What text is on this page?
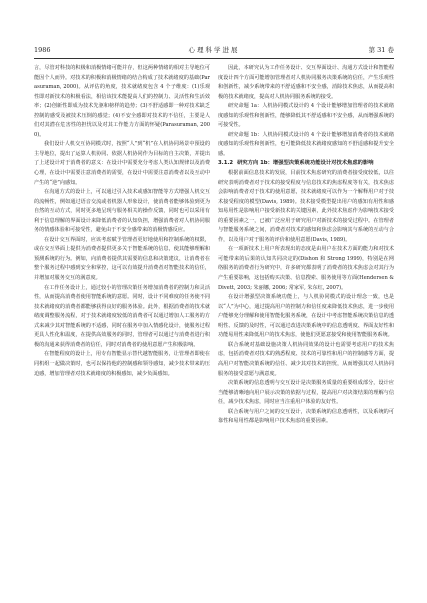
1986	心理科学进展	第 31 卷

言，尽管对科技的积极和消极情绪可能并存，但这两种情绪的相对主导地位可能因个人而异。对技术的积极和消极情绪的结合构成了技术就绪度的基础(Parasuraman, 2000)。从评估的角度，技术就绪度包含 4 个子维度：(1)乐观性即对新技术的积极看法，相信该技术能提高人们的控制力、灵活性和生活效率；(2)创新性即成为技术先驱和榜样的趋势；(3)不舒适感即一种对技术缺乏控制的感受及被技术压倒的感觉；(4)不安全感即对技术的不信任，主要是人们对其潜在危害性的担忧以及对其工作能力方面的怀疑(Parasuraman, 2000)。

我们设计人机交互协同模式时，按照“人”到“机”在人机协同场景中预设的主导地位，提出了运算人机协同、依据人机协同作为目标的自主决策，并提出了上述设计对于消费者的意义：在设计中需要充分考虑人类认知规律以及消费心理，在设计中需要注意消费者的需要，在设计中需要注意消费者以及互动中产生的“逆”向感知。

在沟通方式的设计上，可以通过引入技术或感知智能等方式增强人机交互的流畅性，例如通过语音交流或者机器人形象设计，使消费者能够体验到更为自然的互动方式，同时更多地呈现与服务相关的操作反馈，同时也可以采用有利于信息理解的界面设计来降低消费者的认知负担，增强消费者对人机协同服务的情感体验和可接受性，避免由于不安全感带来的消极情感反应。

在设计交互界面时，应该考虑赋予管理者更好地使用和控制系统的权限，或在交互界面上提供为消费者提供更多关于智能系统的信息，使其能够理解和预测系统的行为。例如，向消费者提供其需要的信息和决策建议，让消费者在整个服务过程中感到安全和掌控，这可以有效提升消费者对智能技术的信任，并增加对服务交互的满意度。

在工作任务设计上，通过较小的管理决策任务增加消费者的控制力和灵活性，从而提高消费者使用智能系统的意愿。同时，设计不同难度的任务使不同技术就绪度的消费者都能够获得良好的服务体验。此外，根据消费者的技术就绪度调整服务流程，对于技术就绪度较低的消费者可以通过增加人工服务的方式来减少其对智能系统的不适感，同时在服务中加入情感化设计，使服务过程更具人性化和温度，在提供高效服务的同时，管理者可以通过与消费者进行积极的沟通来获得消费者的信任，同时对消费者的使用意愿产生积极影响。

在智能程度的设计上，用专有智能显示替代越智能服务，让管理者即使在同机组一起做决策时，也可以保持他的控制感和领导感知，减少技术带来的压迫感，增加管理者对技术就绪度的积极感知，减少负面感知。

因此，本研究认为工作任务设计、交互界面设计、沟通方式设计和智能程度设计四个方面可能增加管理者对人机协同服务决策系统的信任，产生乐观性和创新性，减少系统带来的不舒适感和不安全感，消除技术焦虑，从而提高积极的技术就绪度，提高对人机协同服务系统的接受。

研究命题 1a：人机协同模式设计的 4 个设计能够增加管理者的技术就绪度感知的乐观性和创新性，能够降低其不舒适感和不安全感，从而增强系统的可接受性。

研究命题 1b：人机协同模式设计的 4 个设计能够增加消费者的技术就绪度感知的乐观性和创新性，也可能降低技术就绪度感知的不舒适感和提升安全感。

3.1.2 研究方向 1b：增强型决策系统功能设计对技术焦虑的影响

根据前面信息技术的发展，目前技术焦虑研究的消费者接受度较低，以往研究表明消费者对于技术的接受程度与信息技术的焦虑程度等有关，技术焦虑会影响消费者对于技术的使用意愿，技术就绪度可以作为一个解释用户对于技术接受程度的模型(Davis, 1989)。技术接受模型提出用户的感知有用性和感知易用性是影响用户接受新技术的关键因素，此外技术焦虑作为影响技术接受的重要因素之一，已被广泛应用于研究用户对新技术的接受过程中。在管理者与智能服务系统之间，消费者对技术的感知和焦虑会影响其与系统的互动与合作，以及用户对于服务的评价和使用意愿(Davis, 1989)。

在一项新技术上用户所表现出的态度是由用户在技术方面的能力和对技术可能带来的后果的认知共同决定的(Dishon 和 Strong 1999)，特别是在网络服务的消费者行为研究中，许多研究都表明了消费者的技术焦虑会对其行为产生重要影响，这包括购买决策、信息搜索、服务使用等方面(Hendersen & Divett, 2003; 朱丽娜, 2006; 常家军, 朱东红, 2007)。

在设计增强型决策系统功能上，与人机协同模式的设计理念一致，也是以“人”为中心，通过提高用户的控制力和信任度来降低技术焦虑，进一步使用户能够充分理解和使用智能化服务系统，在设计中考虑智能系统决策信息的透明性、反馈的及时性，可以通过改进决策系统中的信息透明度、界面友好性和功能易用性来降低用户的技术焦虑，使他们更愿意接受和使用智能服务系统。

联合系统对基础设施决策人机协同效果的设计也需要考虑用户的技术焦虑，包括消费者对技术的熟悉程度、技术的可靠性和用户的控制感等方面，提高用户对智能决策系统的信任、减少其对技术的担忧，从而增强其对人机协同服务的接受意愿与满意度。

决策系统的信息透明与交互设计是决策服务质量的重要组成部分，设计应当能够清晰地向用户展示决策的依据与过程，提高用户对决策结果的理解与信任，减少技术焦虑，同时应当注重用户体验的友好性。

联合系统与用户之间的交互设计，决策系统的信息透明性，以及系统的可靠性和易用性都是影响用户技术焦虑的重要因素。
